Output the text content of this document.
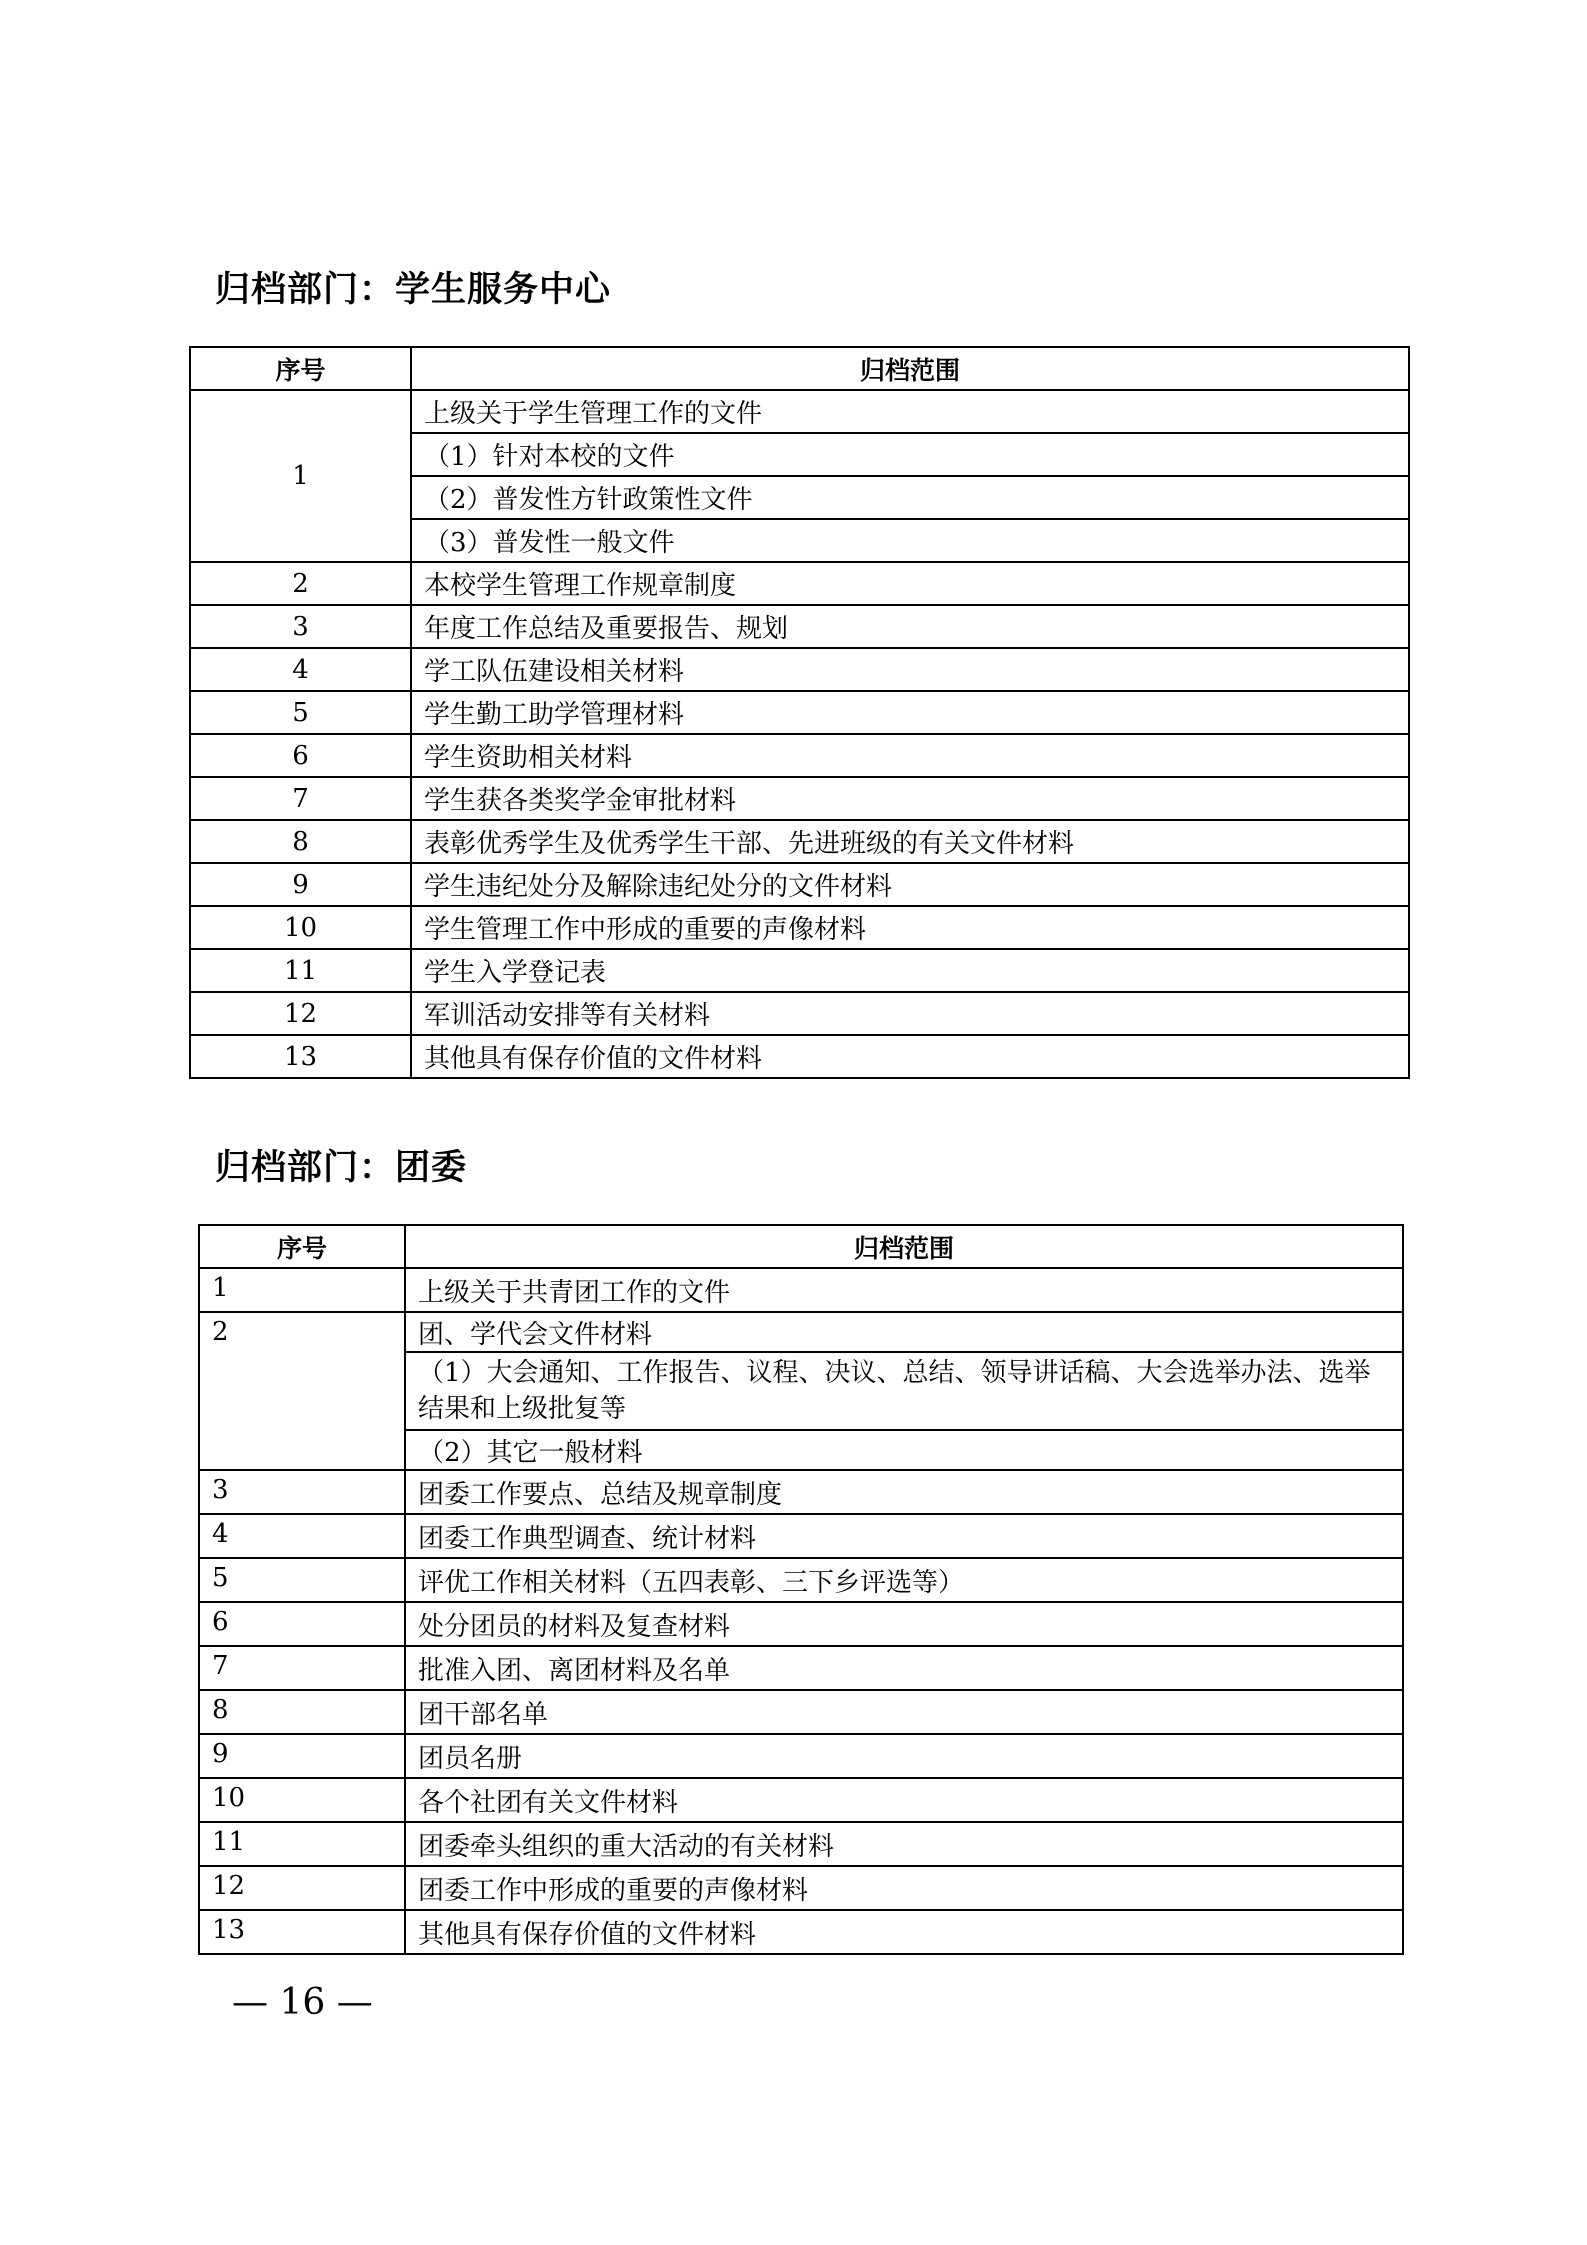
归档部门：学生服务中心
序号	归档范围
1	上级关于学生管理工作的文件
	（1）针对本校的文件
	（2）普发性方针政策性文件
	（3）普发性一般文件
2	本校学生管理工作规章制度
3	年度工作总结及重要报告、规划
4	学工队伍建设相关材料
5	学生勤工助学管理材料
6	学生资助相关材料
7	学生获各类奖学金审批材料
8	表彰优秀学生及优秀学生干部、先进班级的有关文件材料
9	学生违纪处分及解除违纪处分的文件材料
10	学生管理工作中形成的重要的声像材料
11	学生入学登记表
12	军训活动安排等有关材料
13	其他具有保存价值的文件材料
归档部门：团委
序号	归档范围
1	上级关于共青团工作的文件
2	团、学代会文件材料
	（1）大会通知、工作报告、议程、决议、总结、领导讲话稿、大会选举办法、选举结果和上级批复等
	（2）其它一般材料
3	团委工作要点、总结及规章制度
4	团委工作典型调查、统计材料
5	评优工作相关材料（五四表彰、三下乡评选等）
6	处分团员的材料及复查材料
7	批准入团、离团材料及名单
8	团干部名单
9	团员名册
10	各个社团有关文件材料
11	团委牵头组织的重大活动的有关材料
12	团委工作中形成的重要的声像材料
13	其他具有保存价值的文件材料
— 16 —
